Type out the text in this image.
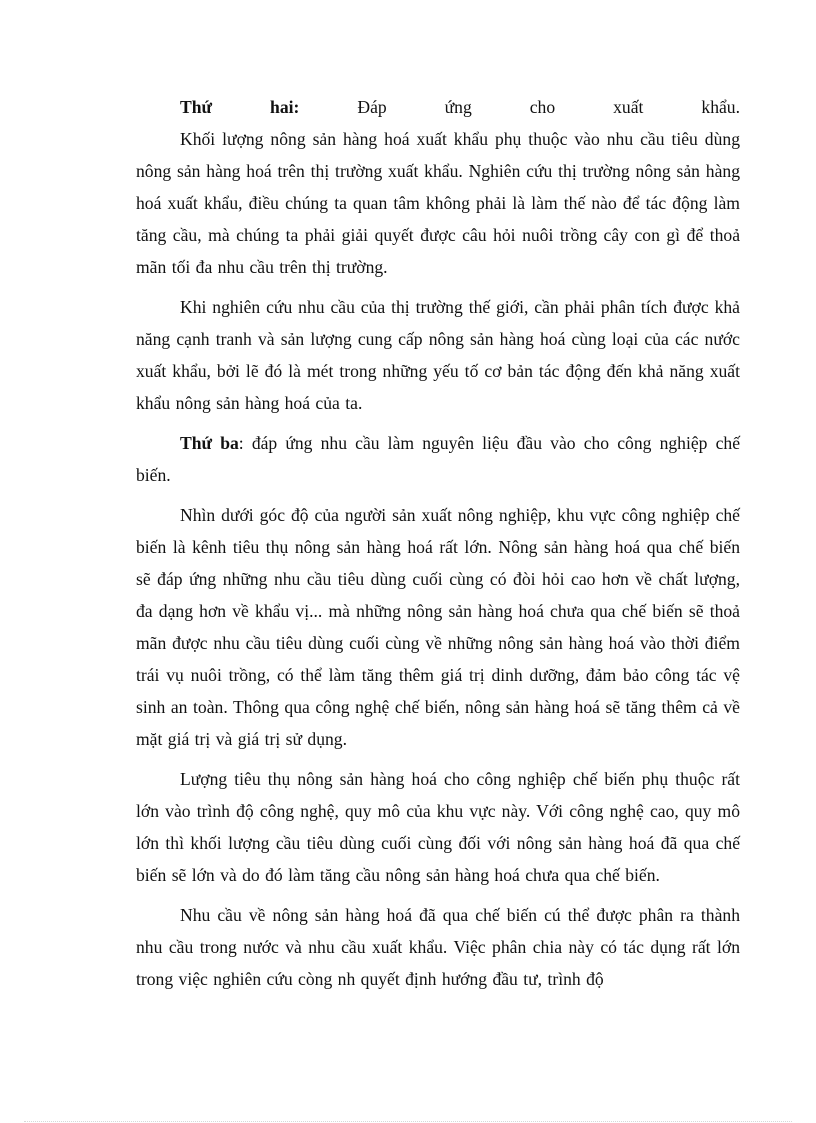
Thứ hai: Đáp ứng cho xuất khẩu.

Khối lượng nông sản hàng hoá xuất khẩu phụ thuộc vào nhu cầu tiêu dùng nông sản hàng hoá trên thị trường xuất khẩu. Nghiên cứu thị trường nông sản hàng hoá xuất khẩu, điều chúng ta quan tâm không phải là làm thế nào để tác động làm tăng cầu, mà chúng ta phải giải quyết được câu hỏi nuôi trồng cây con gì để thoả mãn tối đa nhu cầu trên thị trường.

Khi nghiên cứu nhu cầu của thị trường thế giới, cần phải phân tích được khả năng cạnh tranh và sản lượng cung cấp nông sản hàng hoá cùng loại của các nước xuất khẩu, bởi lẽ đó là mét trong những yếu tố cơ bản tác động đến khả năng xuất khẩu nông sản hàng hoá của ta.

Thứ ba: đáp ứng nhu cầu làm nguyên liệu đầu vào cho công nghiệp chế biến.

Nhìn dưới góc độ của người sản xuất nông nghiệp, khu vực công nghiệp chế biến là kênh tiêu thụ nông sản hàng hoá rất lớn. Nông sản hàng hoá qua chế biến sẽ đáp ứng những nhu cầu tiêu dùng cuối cùng có đòi hỏi cao hơn về chất lượng, đa dạng hơn về khẩu vị... mà những nông sản hàng hoá chưa qua chế biến sẽ thoả mãn được nhu cầu tiêu dùng cuối cùng về những nông sản hàng hoá vào thời điểm trái vụ nuôi trồng, có thể làm tăng thêm giá trị dinh dưỡng, đảm bảo công tác vệ sinh an toàn. Thông qua công nghệ chế biến, nông sản hàng hoá sẽ tăng thêm cả về mặt giá trị và giá trị sử dụng.

Lượng tiêu thụ nông sản hàng hoá cho công nghiệp chế biến phụ thuộc rất lớn vào trình độ công nghệ, quy mô của khu vực này. Với công nghệ cao, quy mô lớn thì khối lượng cầu tiêu dùng cuối cùng đối với nông sản hàng hoá đã qua chế biến sẽ lớn và do đó làm tăng cầu nông sản hàng hoá chưa qua chế biến.

Nhu cầu về nông sản hàng hoá đã qua chế biến cú thể được phân ra thành nhu cầu trong nước và nhu cầu xuất khẩu. Việc phân chia này có tác dụng rất lớn trong việc nghiên cứu còng nh quyết định hướng đầu tư, trình độ
